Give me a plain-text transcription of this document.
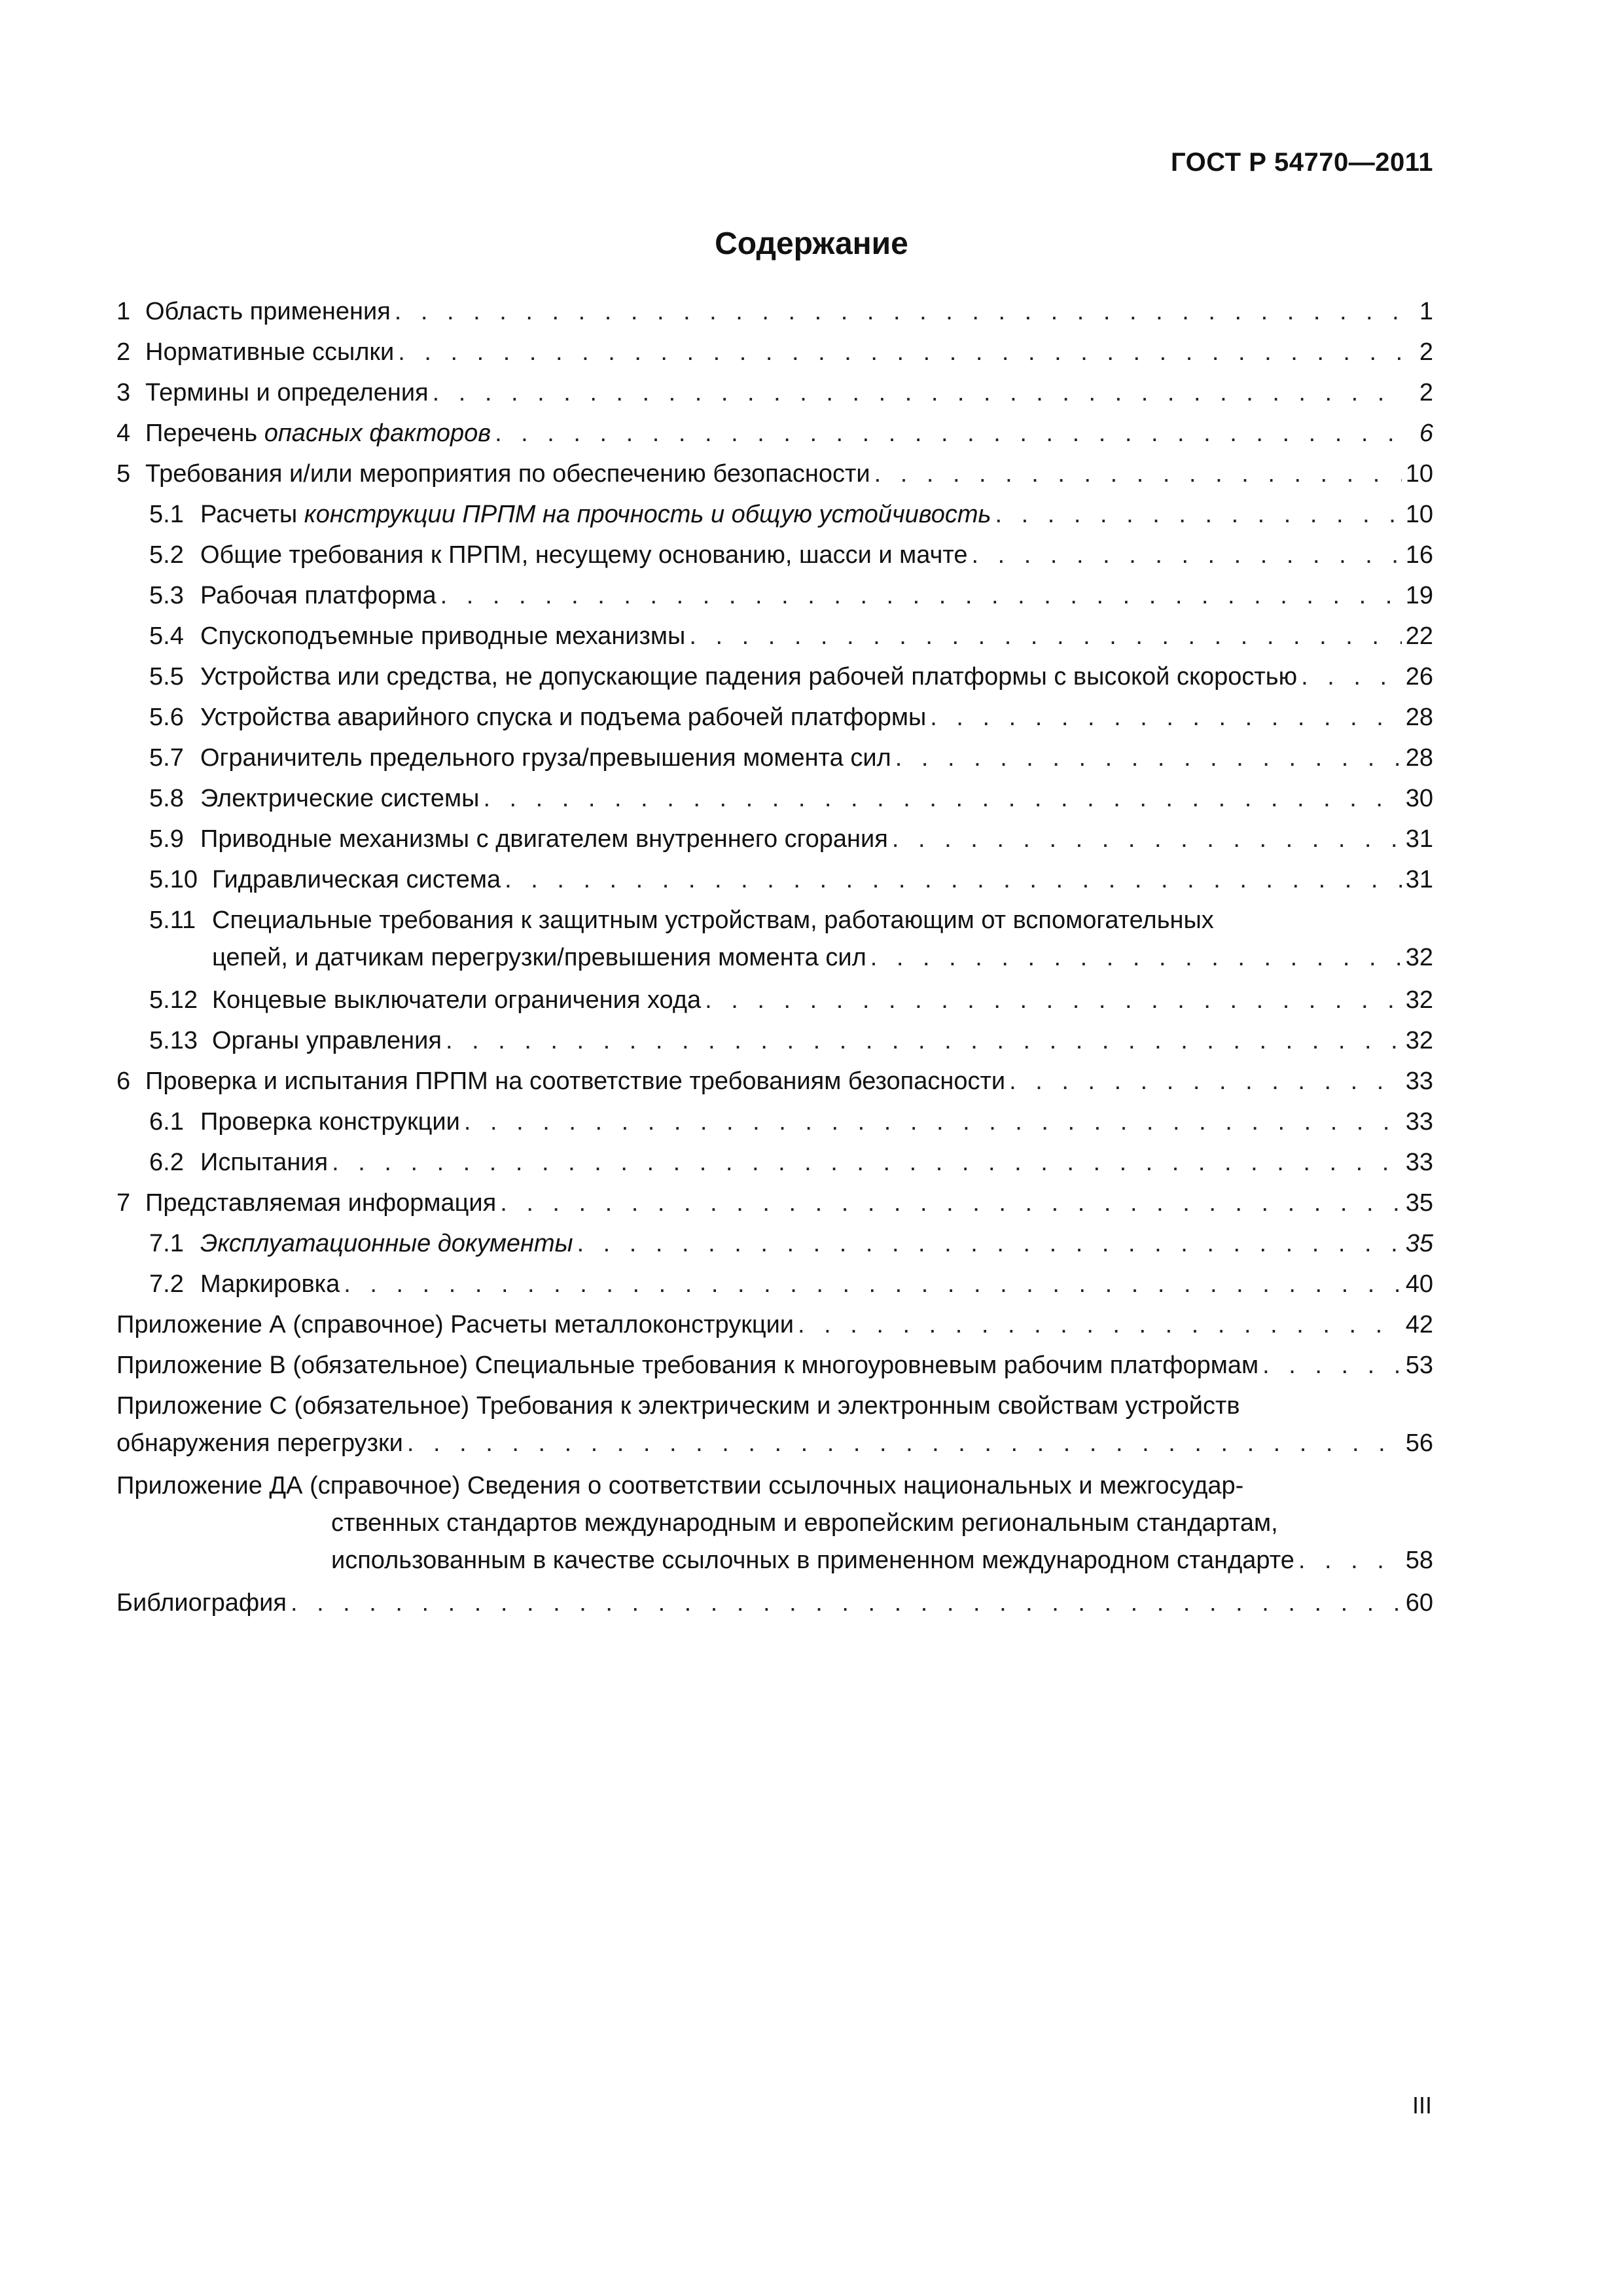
ГОСТ Р 54770—2011
Содержание
1 Область применения . . .	1
2 Нормативные ссылки . . .	2
3 Термины и определения . . .	2
4 Перечень опасных факторов . . .	6
5 Требования и/или мероприятия по обеспечению безопасности . . .	10
5.1 Расчеты конструкции ПРПМ на прочность и общую устойчивость . . .	10
5.2 Общие требования к ПРПМ, несущему основанию, шасси и мачте . . .	16
5.3 Рабочая платформа . . .	19
5.4 Спускоподъемные приводные механизмы . . .	22
5.5 Устройства или средства, не допускающие падения рабочей платформы с высокой скоростью . . .	26
5.6 Устройства аварийного спуска и подъема рабочей платформы . . .	28
5.7 Ограничитель предельного груза/превышения момента сил . . .	28
5.8 Электрические системы . . .	30
5.9 Приводные механизмы с двигателем внутреннего сгорания . . .	31
5.10 Гидравлическая система . . .	31
5.11 Специальные требования к защитным устройствам, работающим от вспомогательных
цепей, и датчикам перегрузки/превышения момента сил . . .	32
5.12 Концевые выключатели ограничения хода . . .	32
5.13 Органы управления . . .	32
6 Проверка и испытания ПРПМ на соответствие требованиям безопасности . . .	33
6.1 Проверка конструкции . . .	33
6.2 Испытания . . .	33
7 Представляемая информация . . .	35
7.1 Эксплуатационные документы . . .	35
7.2 Маркировка . . .	40
Приложение А (справочное) Расчеты металлоконструкции . . .	42
Приложение В (обязательное) Специальные требования к многоуровневым рабочим платформам . . .	53
Приложение С (обязательное) Требования к электрическим и электронным свойствам устройств
обнаружения перегрузки . . .	56
Приложение ДА (справочное) Сведения о соответствии ссылочных национальных и межгосудар-
ственных стандартов международным и европейским региональным стандартам,
использованным в качестве ссылочных в примененном международном стандарте . . .	58
Библиография . . .	60
III
